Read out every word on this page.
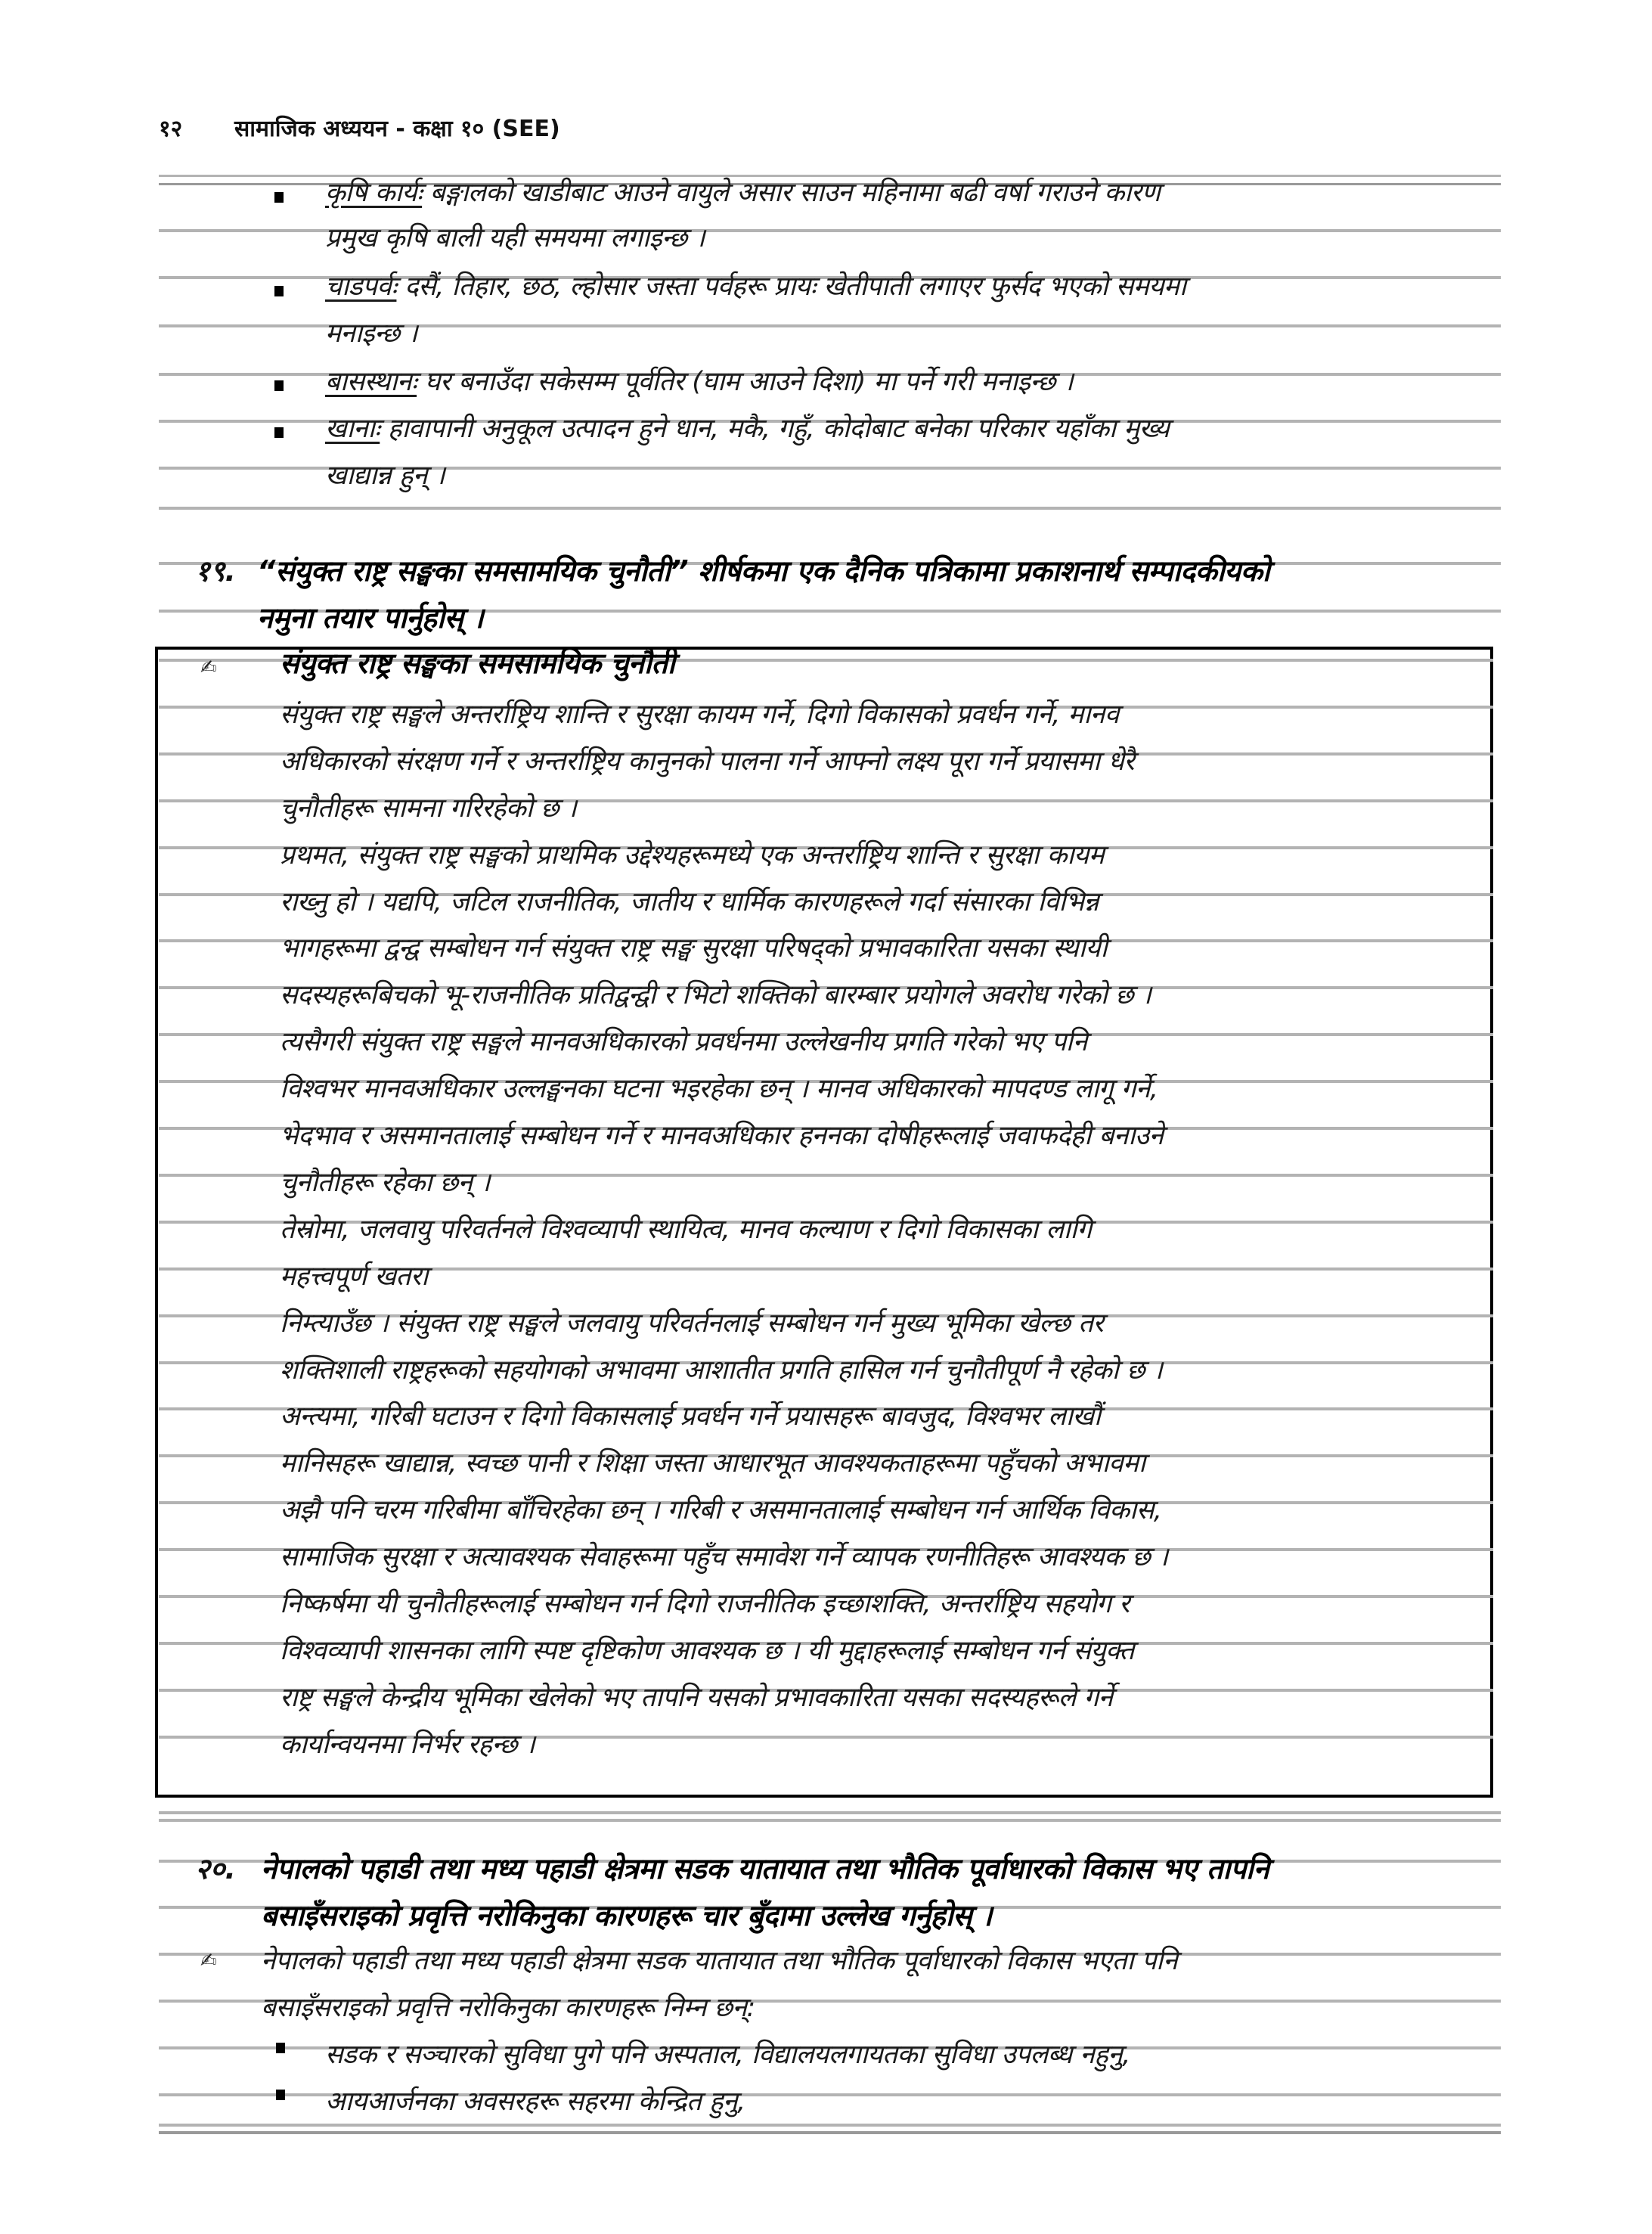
१२ सामाजिक अध्ययन - कक्षा १० (SEE)
कृषि कार्यः बङ्गालको खाडीबाट आउने वायुले असार साउन महिनामा बढी वर्षा गराउने कारण
प्रमुख कृषि बाली यही समयमा लगाइन्छ ।
चाडपर्वः दसैं, तिहार, छठ, ल्होसार जस्ता पर्वहरू प्रायः खेतीपाती लगाएर फुर्सद भएको समयमा
मनाइन्छ ।
बासस्थानः घर बनाउँदा सकेसम्म पूर्वतिर (घाम आउने दिशा) मा पर्ने गरी मनाइन्छ ।
खानाः हावापानी अनुकूल उत्पादन हुने धान, मकै, गहुँ, कोदोबाट बनेका परिकार यहाँका मुख्य
खाद्यान्न हुन् ।
१९. “संयुक्त राष्ट्र सङ्घका समसामयिक चुनौती” शीर्षकमा एक दैनिक पत्रिकामा प्रकाशनार्थ सम्पादकीयको
नमुना तयार पार्नुहोस् ।
✍ संयुक्त राष्ट्र सङ्घका समसामयिक चुनौती
संयुक्त राष्ट्र सङ्घले अन्तर्राष्ट्रिय शान्ति र सुरक्षा कायम गर्ने, दिगो विकासको प्रवर्धन गर्ने, मानव
अधिकारको संरक्षण गर्ने र अन्तर्राष्ट्रिय कानुनको पालना गर्ने आफ्नो लक्ष्य पूरा गर्ने प्रयासमा धेरै
चुनौतीहरू सामना गरिरहेको छ ।
प्रथमत, संयुक्त राष्ट्र सङ्घको प्राथमिक उद्देश्यहरूमध्ये एक अन्तर्राष्ट्रिय शान्ति र सुरक्षा कायम
राख्नु हो । यद्यपि, जटिल राजनीतिक, जातीय र धार्मिक कारणहरूले गर्दा संसारका विभिन्न
भागहरूमा द्वन्द्व सम्बोधन गर्न संयुक्त राष्ट्र सङ्घ सुरक्षा परिषद्को प्रभावकारिता यसका स्थायी
सदस्यहरूबिचको भू-राजनीतिक प्रतिद्वन्द्वी र भिटो शक्तिको बारम्बार प्रयोगले अवरोध गरेको छ ।
त्यसैगरी संयुक्त राष्ट्र सङ्घले मानवअधिकारको प्रवर्धनमा उल्लेखनीय प्रगति गरेको भए पनि
विश्वभर मानवअधिकार उल्लङ्घनका घटना भइरहेका छन् । मानव अधिकारको मापदण्ड लागू गर्ने,
भेदभाव र असमानतालाई सम्बोधन गर्ने र मानवअधिकार हननका दोषीहरूलाई जवाफदेही बनाउने
चुनौतीहरू रहेका छन् ।
तेस्रोमा, जलवायु परिवर्तनले विश्वव्यापी स्थायित्व, मानव कल्याण र दिगो विकासका लागि
महत्त्वपूर्ण खतरा
निम्त्याउँछ । संयुक्त राष्ट्र सङ्घले जलवायु परिवर्तनलाई सम्बोधन गर्न मुख्य भूमिका खेल्छ तर
शक्तिशाली राष्ट्रहरूको सहयोगको अभावमा आशातीत प्रगति हासिल गर्न चुनौतीपूर्ण नै रहेको छ ।
अन्त्यमा, गरिबी घटाउन र दिगो विकासलाई प्रवर्धन गर्ने प्रयासहरू बावजुद, विश्वभर लाखौं
मानिसहरू खाद्यान्न, स्वच्छ पानी र शिक्षा जस्ता आधारभूत आवश्यकताहरूमा पहुँचको अभावमा
अझै पनि चरम गरिबीमा बाँचिरहेका छन् । गरिबी र असमानतालाई सम्बोधन गर्न आर्थिक विकास,
सामाजिक सुरक्षा र अत्यावश्यक सेवाहरूमा पहुँच समावेश गर्ने व्यापक रणनीतिहरू आवश्यक छ ।
निष्कर्षमा यी चुनौतीहरूलाई सम्बोधन गर्न दिगो राजनीतिक इच्छाशक्ति, अन्तर्राष्ट्रिय सहयोग र
विश्वव्यापी शासनका लागि स्पष्ट दृष्टिकोण आवश्यक छ । यी मुद्दाहरूलाई सम्बोधन गर्न संयुक्त
राष्ट्र सङ्घले केन्द्रीय भूमिका खेलेको भए तापनि यसको प्रभावकारिता यसका सदस्यहरूले गर्ने
कार्यान्वयनमा निर्भर रहन्छ ।
२०. नेपालको पहाडी तथा मध्य पहाडी क्षेत्रमा सडक यातायात तथा भौतिक पूर्वाधारको विकास भए तापनि
बसाइँसराइको प्रवृत्ति नरोकिनुका कारणहरू चार बुँदामा उल्लेख गर्नुहोस् ।
✍ नेपालको पहाडी तथा मध्य पहाडी क्षेत्रमा सडक यातायात तथा भौतिक पूर्वाधारको विकास भएता पनि
बसाइँसराइको प्रवृत्ति नरोकिनुका कारणहरू निम्न छन्:
सडक र सञ्चारको सुविधा पुगे पनि अस्पताल, विद्यालयलगायतका सुविधा उपलब्ध नहुनु,
आयआर्जनका अवसरहरू सहरमा केन्द्रित हुनु,
